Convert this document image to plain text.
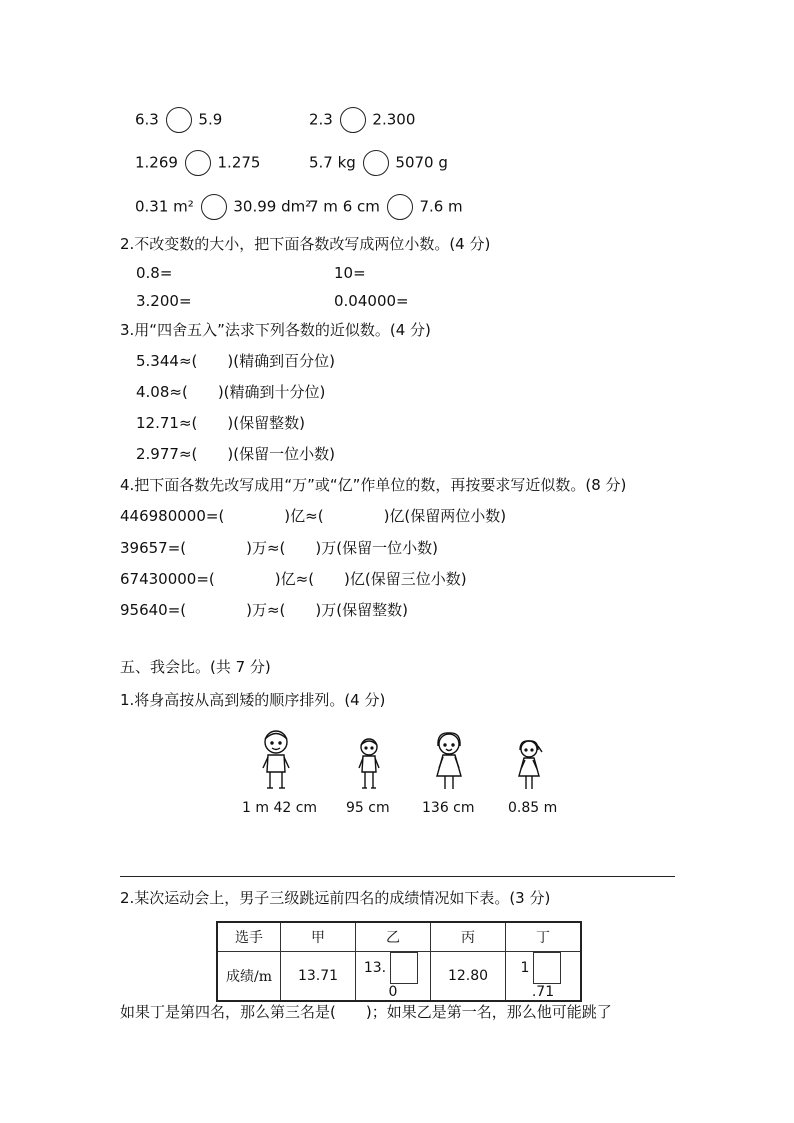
6.3	5.9	2.3	2.300
1.269	1.275	5.7 kg	5070 g
0.31 m²	30.99 dm²
7 m 6 cm	7.6 m
2.不改变数的大小，把下面各数改写成两位小数。(4 分)
0.8=	10=
3.200=	0.04000=
3.用“四舍五入”法求下列各数的近似数。(4 分)
5.344≈(　　)(精确到百分位)
4.08≈(　　)(精确到十分位)
12.71≈(　　)(保留整数)
2.977≈(　　)(保留一位小数)
4.把下面各数先改写成用“万”或“亿”作单位的数，再按要求写近似数。(8 分)
446980000=(　　　　)亿≈(　　　　)亿(保留两位小数)
39657=(　　　　)万≈(　　)万(保留一位小数)
67430000=(　　　　)亿≈(　　)亿(保留三位小数)
95640=(　　　　)万≈(　　)万(保留整数)
五、我会比。(共 7 分)
1.将身高按从高到矮的顺序排列。(4 分)
1 m 42 cm 95 cm 136 cm 0.85 m
2.某次运动会上，男子三级跳远前四名的成绩情况如下表。(3 分)
选手	甲	乙	丙	丁
成绩/m	13.71	13.0	12.80	1.71
如果丁是第四名，那么第三名是(　　)；如果乙是第一名，那么他可能跳了
